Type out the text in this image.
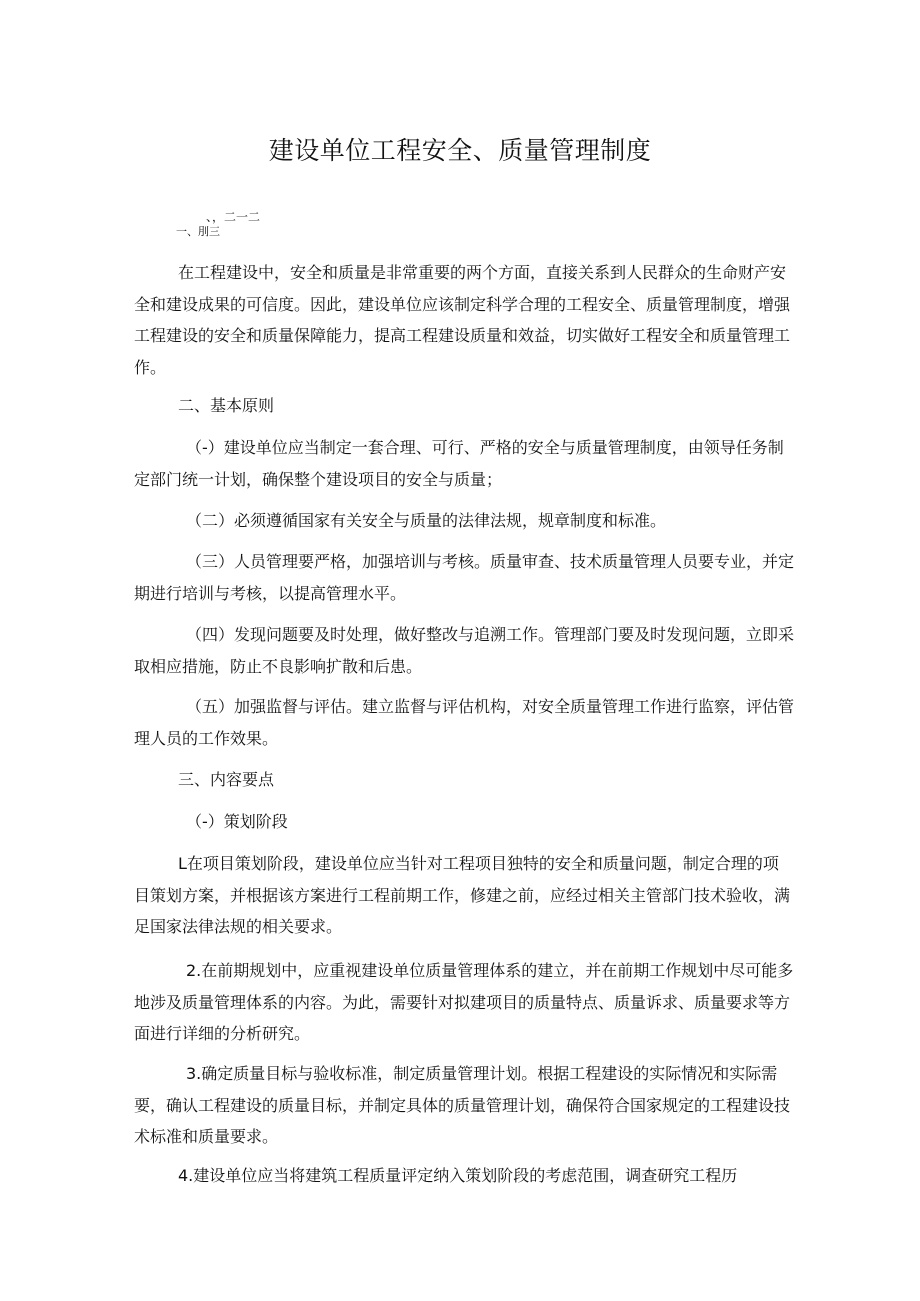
建设单位工程安全、质量管理制度
、，二一二
一、刖三

在工程建设中，安全和质量是非常重要的两个方面，直接关系到人民群众的生命财产安全和建设成果的可信度。因此，建设单位应该制定科学合理的工程安全、质量管理制度，增强工程建设的安全和质量保障能力，提高工程建设质量和效益，切实做好工程安全和质量管理工作。

二、基本原则

（-）建设单位应当制定一套合理、可行、严格的安全与质量管理制度，由领导任务制定部门统一计划，确保整个建设项目的安全与质量；

（二）必须遵循国家有关安全与质量的法律法规，规章制度和标准。

（三）人员管理要严格，加强培训与考核。质量审查、技术质量管理人员要专业，并定期进行培训与考核，以提高管理水平。

（四）发现问题要及时处理，做好整改与追溯工作。管理部门要及时发现问题，立即采取相应措施，防止不良影响扩散和后患。

（五）加强监督与评估。建立监督与评估机构，对安全质量管理工作进行监察，评估管理人员的工作效果。

三、内容要点

（-）策划阶段

L在项目策划阶段，建设单位应当针对工程项目独特的安全和质量问题，制定合理的项目策划方案，并根据该方案进行工程前期工作，修建之前，应经过相关主管部门技术验收，满足国家法律法规的相关要求。

2.在前期规划中，应重视建设单位质量管理体系的建立，并在前期工作规划中尽可能多地涉及质量管理体系的内容。为此，需要针对拟建项目的质量特点、质量诉求、质量要求等方面进行详细的分析研究。

3.确定质量目标与验收标准，制定质量管理计划。根据工程建设的实际情况和实际需要，确认工程建设的质量目标，并制定具体的质量管理计划，确保符合国家规定的工程建设技术标准和质量要求。

4.建设单位应当将建筑工程质量评定纳入策划阶段的考虑范围，调查研究工程历
